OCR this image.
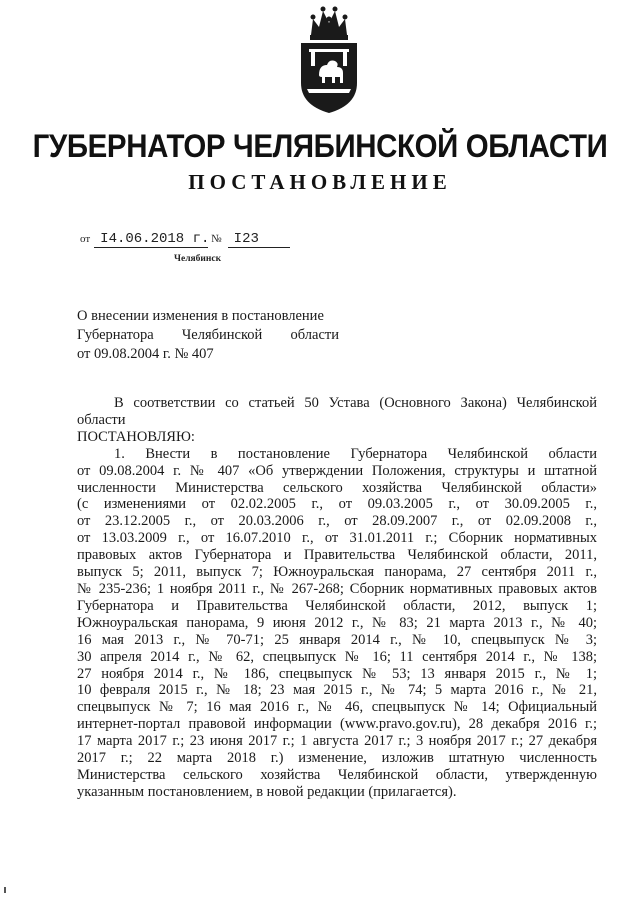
ГУБЕРНАТОР ЧЕЛЯБИНСКОЙ ОБЛАСТИ
ПОСТАНОВЛЕНИЕ
от I4.06.2018 г. № I23
Челябинск
О внесении изменения в постановление
Губернатора Челябинской области
от 09.08.2004 г. № 407
В соответствии со статьей 50 Устава (Основного Закона) Челябинской
области
ПОСТАНОВЛЯЮ:
1. Внести в постановление Губернатора Челябинской области
от 09.08.2004 г. № 407 «Об утверждении Положения, структуры и штатной
численности Министерства сельского хозяйства Челябинской области»
(с изменениями от 02.02.2005 г., от 09.03.2005 г., от 30.09.2005 г.,
от 23.12.2005 г., от 20.03.2006 г., от 28.09.2007 г., от 02.09.2008 г.,
от 13.03.2009 г., от 16.07.2010 г., от 31.01.2011 г.; Сборник нормативных
правовых актов Губернатора и Правительства Челябинской области, 2011,
выпуск 5; 2011, выпуск 7; Южноуральская панорама, 27 сентября 2011 г.,
№ 235-236; 1 ноября 2011 г., № 267-268; Сборник нормативных правовых актов
Губернатора и Правительства Челябинской области, 2012, выпуск 1;
Южноуральская панорама, 9 июня 2012 г., № 83; 21 марта 2013 г., № 40;
16 мая 2013 г., № 70-71; 25 января 2014 г., № 10, спецвыпуск № 3;
30 апреля 2014 г., № 62, спецвыпуск № 16; 11 сентября 2014 г., № 138;
27 ноября 2014 г., № 186, спецвыпуск № 53; 13 января 2015 г., № 1;
10 февраля 2015 г., № 18; 23 мая 2015 г., № 74; 5 марта 2016 г., № 21,
спецвыпуск № 7; 16 мая 2016 г., № 46, спецвыпуск № 14; Официальный
интернет-портал правовой информации (www.pravo.gov.ru), 28 декабря 2016 г.;
17 марта 2017 г.; 23 июня 2017 г.; 1 августа 2017 г.; 3 ноября 2017 г.; 27 декабря
2017 г.; 22 марта 2018 г.) изменение, изложив штатную численность
Министерства сельского хозяйства Челябинской области, утвержденную
указанным постановлением, в новой редакции (прилагается).
